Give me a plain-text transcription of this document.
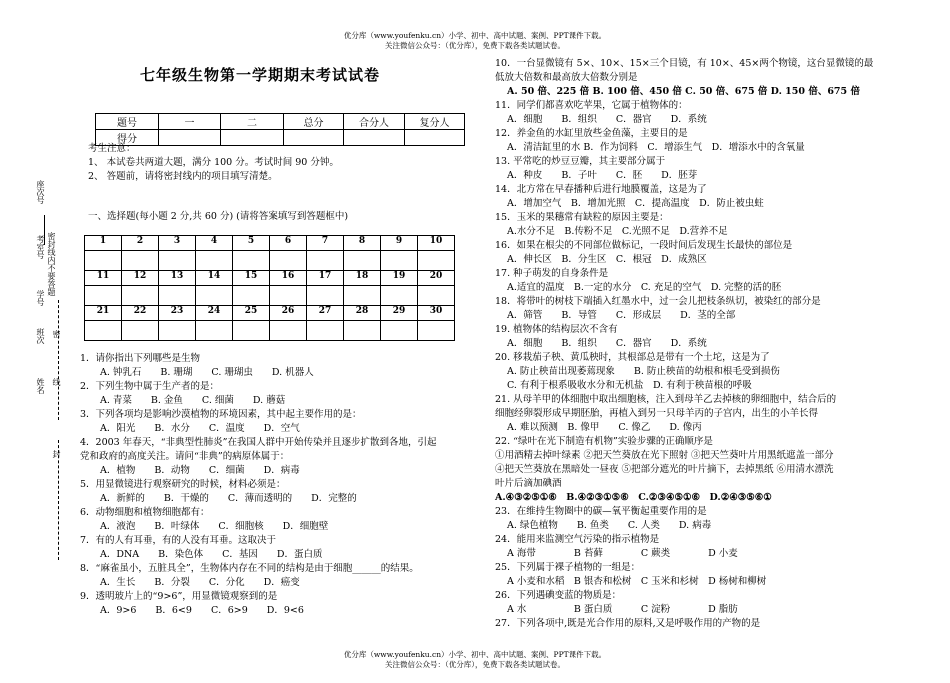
优分库（www.youfenku.cn）小学、初中、高中试题、案例、PPT课件下载。
关注微信公众号：（优分库），免费下载各类试题试卷。
七年级生物第一学期期末考试试卷
题号	一	二	总分	合分人	复分人
得分					
考生注意：
1、 本试卷共两道大题，满分 100 分。考试时间 90 分钟。
2、 答题前，请将密封线内的项目填写清楚。
一、选择题(每小题 2 分,共 60 分) (请将答案填写到答题框中)
1	2	3	4	5	6	7	8	9	10

11	12	13	14	15	16	17	18	19	20

21	22	23	24	25	26	27	28	29	30

座次号
考室号 密封线内不要答题
学号
班次
姓名
密
封
线
1．请你指出下列哪些是生物
A. 钟乳石　　B. 珊瑚　　C. 珊瑚虫　　D. 机器人
2．下列生物中属于生产者的是：
A. 青菜　　B. 金鱼　　C. 细菌　　D. 蘑菇
3．下列各项均是影响沙漠植物的环境因素，其中起主要作用的是：
A．阳光　　B．水分　　C．温度　　D．空气
4．2003 年春天，“非典型性肺炎”在我国人群中开始传染并且逐步扩散到各地，引起
党和政府的高度关注。请问“非典”的病原体属于：
A．植物　　B．动物　　C．细菌　　D．病毒
5．用显微镜进行观察研究的时候，材料必须是：
A．新鲜的　　B．干燥的　　C．薄而透明的　　D．完整的
6．动物细胞和植物细胞都有：
A．液泡　　B．叶绿体　　C．细胞核　　D．细胞壁
7．有的人有耳垂，有的人没有耳垂。这取决于
A．DNA　　B．染色体　　C．基因　　D．蛋白质
8．“麻雀虽小，五脏具全”，生物体内存在不同的结构是由于细胞______的结果。
A．生长　　B．分裂　　C．分化　　D．癌变
9．透明玻片上的“9>6”，用显微镜观察到的是
A．9>6　　B．6<9　　C．6>9　　D．9<6
10．一台显微镜有 5×、10×、15×三个目镜，有 10×、45×两个物镜，这台显微镜的最
低放大倍数和最高放大倍数分别是
A. 50 倍、225 倍 B. 100 倍、450 倍 C. 50 倍、675 倍 D. 150 倍、675 倍
11．同学们都喜欢吃苹果，它属于植物体的：
A．细胞　　B．组织　　C．器官　　D．系统
12．养金鱼的水缸里放些金鱼藻，主要目的是
A．清洁缸里的水 B．作为饲料　C．增添生气　D．增添水中的含氧量
13. 平常吃的炒豆豆瓣，其主要部分属于
A．种皮　　B．子叶　　C．胚　　D．胚芽
14．北方常在早春播种后进行地膜覆盖，这是为了
A．增加空气　B．增加光照　C．提高温度　D．防止被虫蛀
15．玉米的果穗常有缺粒的原因主要是：
A.水分不足　B.传粉不足　C.光照不足　D.营养不足
16．如果在根尖的不同部位做标记，一段时间后发现生长最快的部位是
A．伸长区　B．分生区　C．根冠　D．成熟区
17. 种子萌发的自身条件是
A.适宜的温度　B.一定的水分　C. 充足的空气　D. 完整的活的胚
18．将带叶的树枝下端插入红墨水中，过一会儿把枝条纵切，被染红的部分是
A．筛管　　B．导管　　C．形成层　　D．茎的全部
19. 植物体的结构层次不含有
A．细胞　　B．组织　　C．器官　　D．系统
20. 移栽茄子秧、黄瓜秧时，其根部总是带有一个土坨，这是为了
A. 防止秧苗出现萎蔫现象　　B. 防止秧苗的幼根和根毛受到损伤
C. 有利于根系吸收水分和无机盐　D. 有利于秧苗根的呼吸
21. 从母羊甲的体细胞中取出细胞核，注入到母羊乙去掉核的卵细胞中，结合后的
细胞经卵裂形成早期胚胎，再植入到另一只母羊丙的子宫内，出生的小羊长得
A. 难以预测　B. 像甲　　C. 像乙　　D. 像丙
22. “绿叶在光下制造有机物”实验步骤的正确顺序是
①用酒精去掉叶绿素 ②把天竺葵放在光下照射 ③把天竺葵叶片用黑纸遮盖一部分
④把天竺葵放在黑暗处一昼夜 ⑤把部分遮光的叶片摘下，去掉黑纸 ⑥用清水漂洗
叶片后滴加碘酒
A.④③②⑤①⑥　B.④②③①⑤⑥　C.②③④⑤①⑥　D.②④③⑤⑥①
23．在维持生物圈中的碳—氧平衡起重要作用的是
A. 绿色植物　　B. 鱼类　　C. 人类　　D. 病毒
24．能用来监测空气污染的指示植物是
A 海带　　　　B 苔藓　　　　C 蕨类　　　　D 小麦
25．下列属于裸子植物的一组是：
A 小麦和水稻　B 银杏和松树　C 玉米和杉树　D 杨树和柳树
26．下列遇碘变蓝的物质是：
A 水　　　　　B 蛋白质　　　C 淀粉　　　　D 脂肪
27．下列各项中,既是光合作用的原料,又是呼吸作用的产物的是
优分库（www.youfenku.cn）小学、初中、高中试题、案例、PPT课件下载。
关注微信公众号：（优分库），免费下载各类试题试卷。
